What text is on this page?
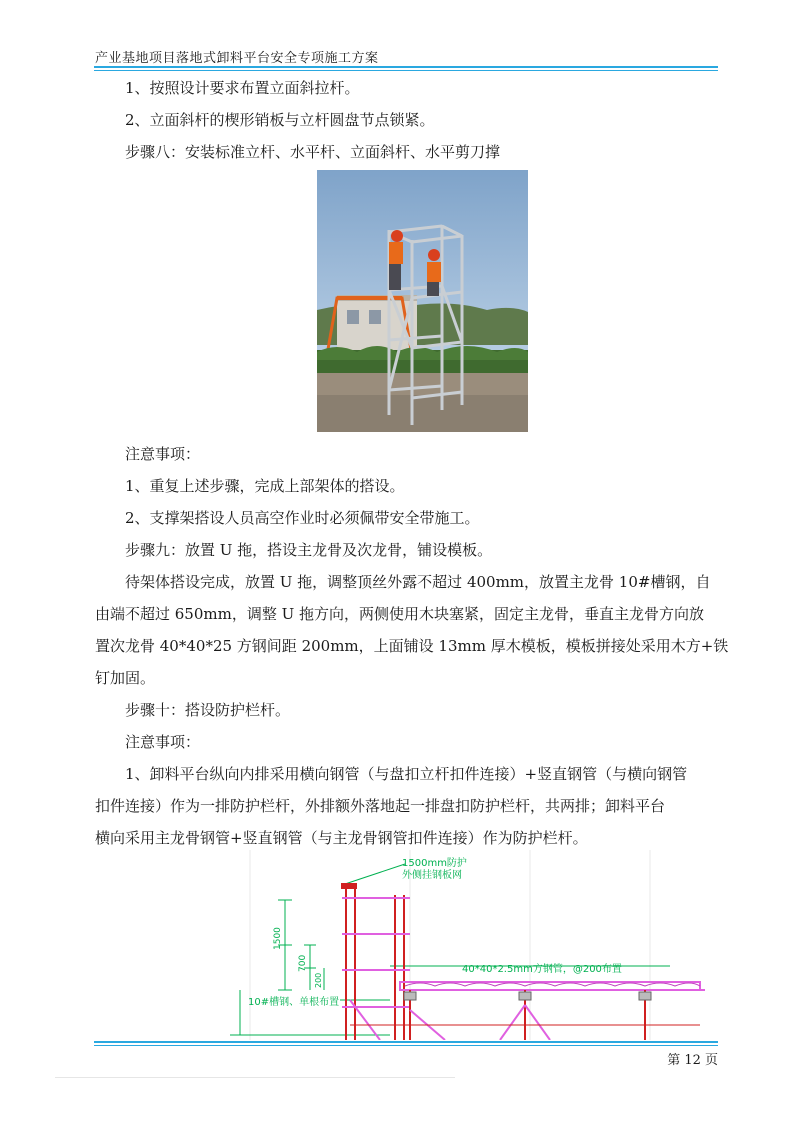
产业基地项目落地式卸料平台安全专项施工方案
1、按照设计要求布置立面斜拉杆。
2、立面斜杆的楔形销板与立杆圆盘节点锁紧。
步骤八：安装标准立杆、水平杆、立面斜杆、水平剪刀撑
注意事项：
1、重复上述步骤，完成上部架体的搭设。
2、支撑架搭设人员高空作业时必须佩带安全带施工。
步骤九：放置 U 拖，搭设主龙骨及次龙骨，铺设模板。
待架体搭设完成，放置 U 拖，调整顶丝外露不超过 400mm，放置主龙骨 10#槽钢，自
由端不超过 650mm，调整 U 拖方向，两侧使用木块塞紧，固定主龙骨，垂直主龙骨方向放
置次龙骨 40*40*25 方钢间距 200mm，上面铺设 13mm 厚木模板，模板拼接处采用木方+铁
钉加固。
步骤十：搭设防护栏杆。
注意事项：
1、卸料平台纵向内排采用横向钢管（与盘扣立杆扣件连接）+竖直钢管（与横向钢管
扣件连接）作为一排防护栏杆，外排额外落地起一排盘扣防护栏杆，共两排；卸料平台
横向采用主龙骨钢管+竖直钢管（与主龙骨钢管扣件连接）作为防护栏杆。
1500
700
200
1500mm防护
外侧挂钢板网
40*40*2.5mm方钢管，@200布置
10#槽钢、单根布置
第 12 页
